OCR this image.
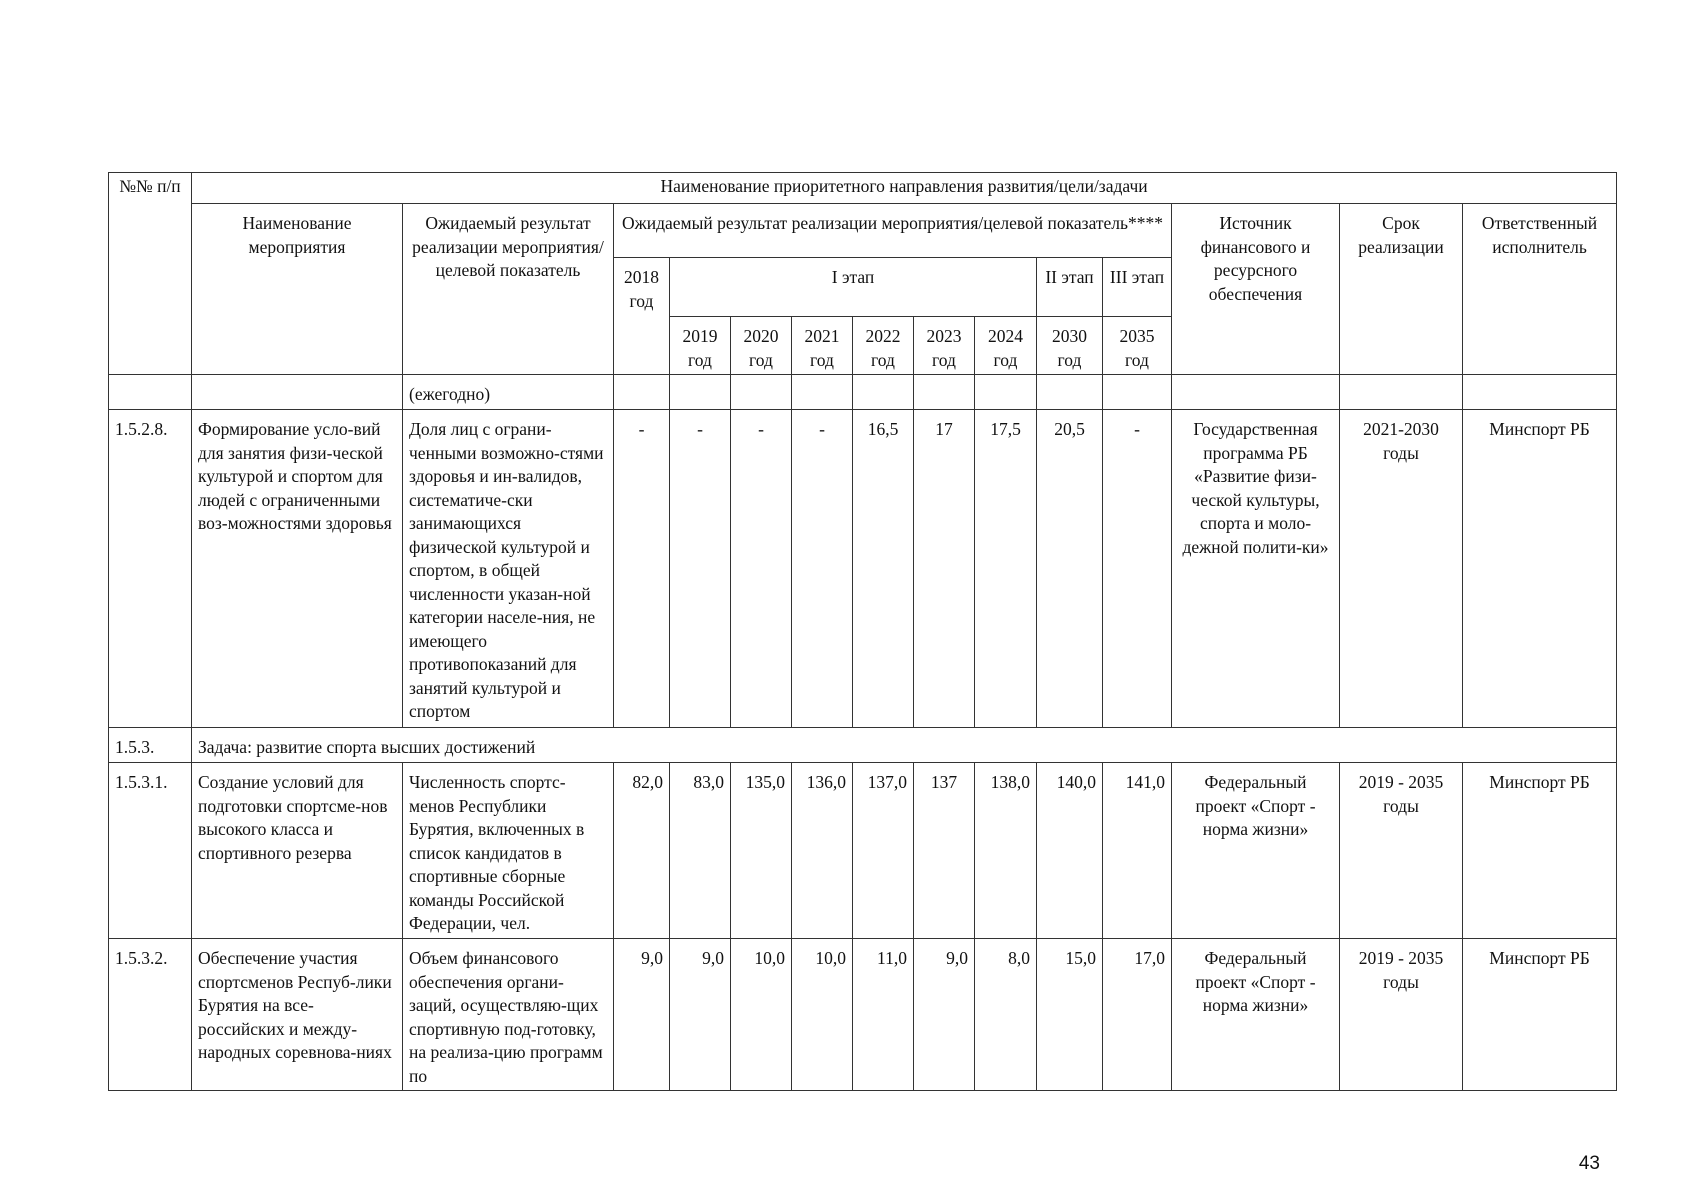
№№ п/п	Наименование приоритетного направления развития/цели/задачи													
	Наименование мероприятия	Ожидаемый результат реализации мероприятия/целевой показатель	Ожидаемый результат реализации мероприятия/целевой показатель****									Источник финансового и ресурсного обеспечения	Срок реализации	Ответственный исполнитель
			2018 год	I этап						II этап	III этап			
				2019 год	2020 год	2021 год	2022 год	2023 год	2024 год	2030 год	2035 год			
		(ежегодно)												
1.5.2.8.	Формирование усло-вий для занятия физи-ческой культурой и спортом для людей с ограниченными воз-можностями здоровья	Доля лиц с ограни-ченными возможно-стями здоровья и ин-валидов, систематиче-ски занимающихся физической культурой и спортом, в общей численности указан-ной категории населе-ния, не имеющего противопоказаний для занятий культурой и спортом	-	-	-	-	16,5	17	17,5	20,5	-	Государственная программа РБ «Развитие физи-ческой культуры, спорта и моло-дежной полити-ки»	2021-2030 годы	Минспорт РБ
1.5.3.	Задача: развитие спорта высших достижений													
1.5.3.1.	Создание условий для подготовки спортсме-нов высокого класса и спортивного резерва	Численность спортс-менов Республики Бурятия, включенных в список кандидатов в спортивные сборные команды Российской Федерации, чел.	82,0	83,0	135,0	136,0	137,0	137	138,0	140,0	141,0	Федеральный проект «Спорт - норма жизни»	2019 - 2035 годы	Минспорт РБ
1.5.3.2.	Обеспечение участия спортсменов Респуб-лики Бурятия на все-российских и между-народных соревнова-ниях	Объем финансового обеспечения органи-заций, осуществляю-щих спортивную под-готовку, на реализа-цию программ по	9,0	9,0	10,0	10,0	11,0	9,0	8,0	15,0	17,0	Федеральный проект «Спорт - норма жизни»	2019 - 2035 годы	Минспорт РБ
43
